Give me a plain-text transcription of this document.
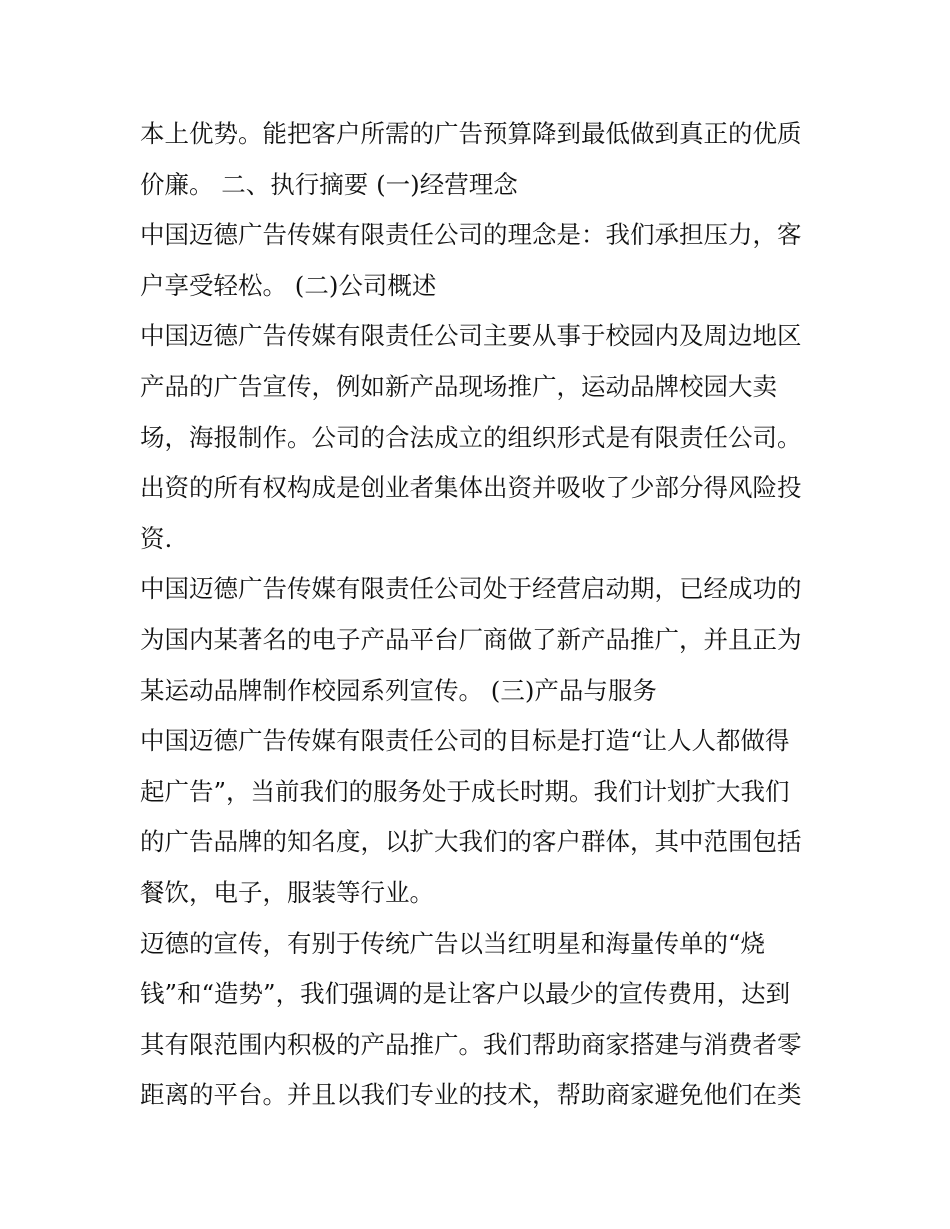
本上优势。能把客户所需的广告预算降到最低做到真正的优质
价廉。 二、执行摘要 (一)经营理念
中国迈德广告传媒有限责任公司的理念是：我们承担压力，客
户享受轻松。 (二)公司概述
中国迈德广告传媒有限责任公司主要从事于校园内及周边地区
产品的广告宣传，例如新产品现场推广，运动品牌校园大卖
场，海报制作。公司的合法成立的组织形式是有限责任公司。
出资的所有权构成是创业者集体出资并吸收了少部分得风险投
资.
中国迈德广告传媒有限责任公司处于经营启动期，已经成功的
为国内某著名的电子产品平台厂商做了新产品推广，并且正为
某运动品牌制作校园系列宣传。 (三)产品与服务
中国迈德广告传媒有限责任公司的目标是打造“让人人都做得
起广告”，当前我们的服务处于成长时期。我们计划扩大我们
的广告品牌的知名度，以扩大我们的客户群体，其中范围包括
餐饮，电子，服装等行业。
迈德的宣传，有别于传统广告以当红明星和海量传单的“烧
钱”和“造势”，我们强调的是让客户以最少的宣传费用，达到
其有限范围内积极的产品推广。我们帮助商家搭建与消费者零
距离的平台。并且以我们专业的技术，帮助商家避免他们在类
